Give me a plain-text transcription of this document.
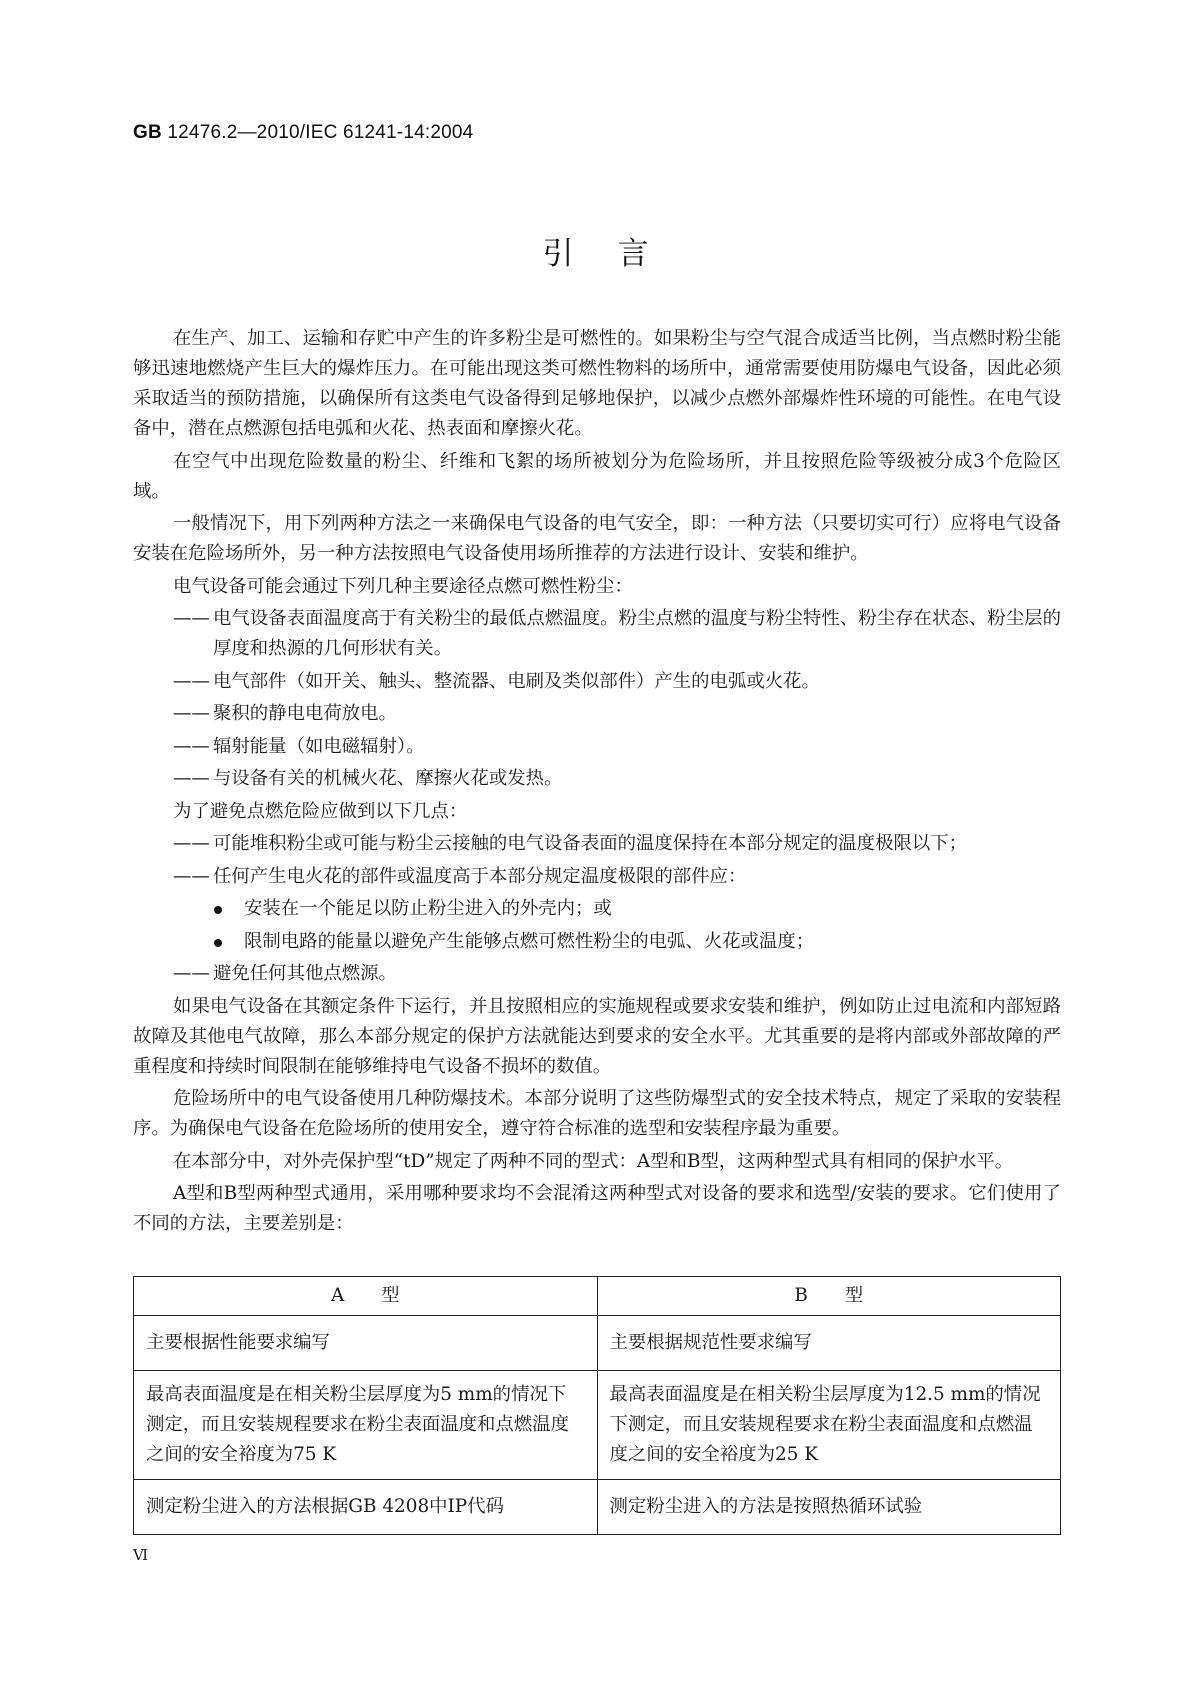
GB 12476.2—2010/IEC 61241-14:2004
引言

在生产、加工、运输和存贮中产生的许多粉尘是可燃性的。如果粉尘与空气混合成适当比例，当点燃时粉尘能够迅速地燃烧产生巨大的爆炸压力。在可能出现这类可燃性物料的场所中，通常需要使用防爆电气设备，因此必须采取适当的预防措施，以确保所有这类电气设备得到足够地保护，以减少点燃外部爆炸性环境的可能性。在电气设备中，潜在点燃源包括电弧和火花、热表面和摩擦火花。

在空气中出现危险数量的粉尘、纤维和飞絮的场所被划分为危险场所，并且按照危险等级被分成3个危险区域。

一般情况下，用下列两种方法之一来确保电气设备的电气安全，即：一种方法（只要切实可行）应将电气设备安装在危险场所外，另一种方法按照电气设备使用场所推荐的方法进行设计、安装和维护。

电气设备可能会通过下列几种主要途径点燃可燃性粉尘：

—— 电气设备表面温度高于有关粉尘的最低点燃温度。粉尘点燃的温度与粉尘特性、粉尘存在状态、粉尘层的厚度和热源的几何形状有关。
—— 电气部件（如开关、触头、整流器、电刷及类似部件）产生的电弧或火花。
—— 聚积的静电电荷放电。
—— 辐射能量（如电磁辐射）。
—— 与设备有关的机械火花、摩擦火花或发热。
为了避免点燃危险应做到以下几点：
—— 可能堆积粉尘或可能与粉尘云接触的电气设备表面的温度保持在本部分规定的温度极限以下；
—— 任何产生电火花的部件或温度高于本部分规定温度极限的部件应：
安装在一个能足以防止粉尘进入的外壳内；或
限制电路的能量以避免产生能够点燃可燃性粉尘的电弧、火花或温度；
—— 避免任何其他点燃源。

如果电气设备在其额定条件下运行，并且按照相应的实施规程或要求安装和维护，例如防止过电流和内部短路故障及其他电气故障，那么本部分规定的保护方法就能达到要求的安全水平。尤其重要的是将内部或外部故障的严重程度和持续时间限制在能够维持电气设备不损坏的数值。

危险场所中的电气设备使用几种防爆技术。本部分说明了这些防爆型式的安全技术特点，规定了采取的安装程序。为确保电气设备在危险场所的使用安全，遵守符合标准的选型和安装程序最为重要。

在本部分中，对外壳保护型“tD”规定了两种不同的型式：A型和B型，这两种型式具有相同的保护水平。

A型和B型两种型式通用，采用哪种要求均不会混淆这两种型式对设备的要求和选型/安装的要求。它们使用了不同的方法，主要差别是：

A　　型	B　　型
主要根据性能要求编写	主要根据规范性要求编写
最高表面温度是在相关粉尘层厚度为5 mm的情况下测定，而且安装规程要求在粉尘表面温度和点燃温度之间的安全裕度为75 K	最高表面温度是在相关粉尘层厚度为12.5 mm的情况下测定，而且安装规程要求在粉尘表面温度和点燃温度之间的安全裕度为25 K
测定粉尘进入的方法根据GB 4208中IP代码	测定粉尘进入的方法是按照热循环试验
Ⅵ
